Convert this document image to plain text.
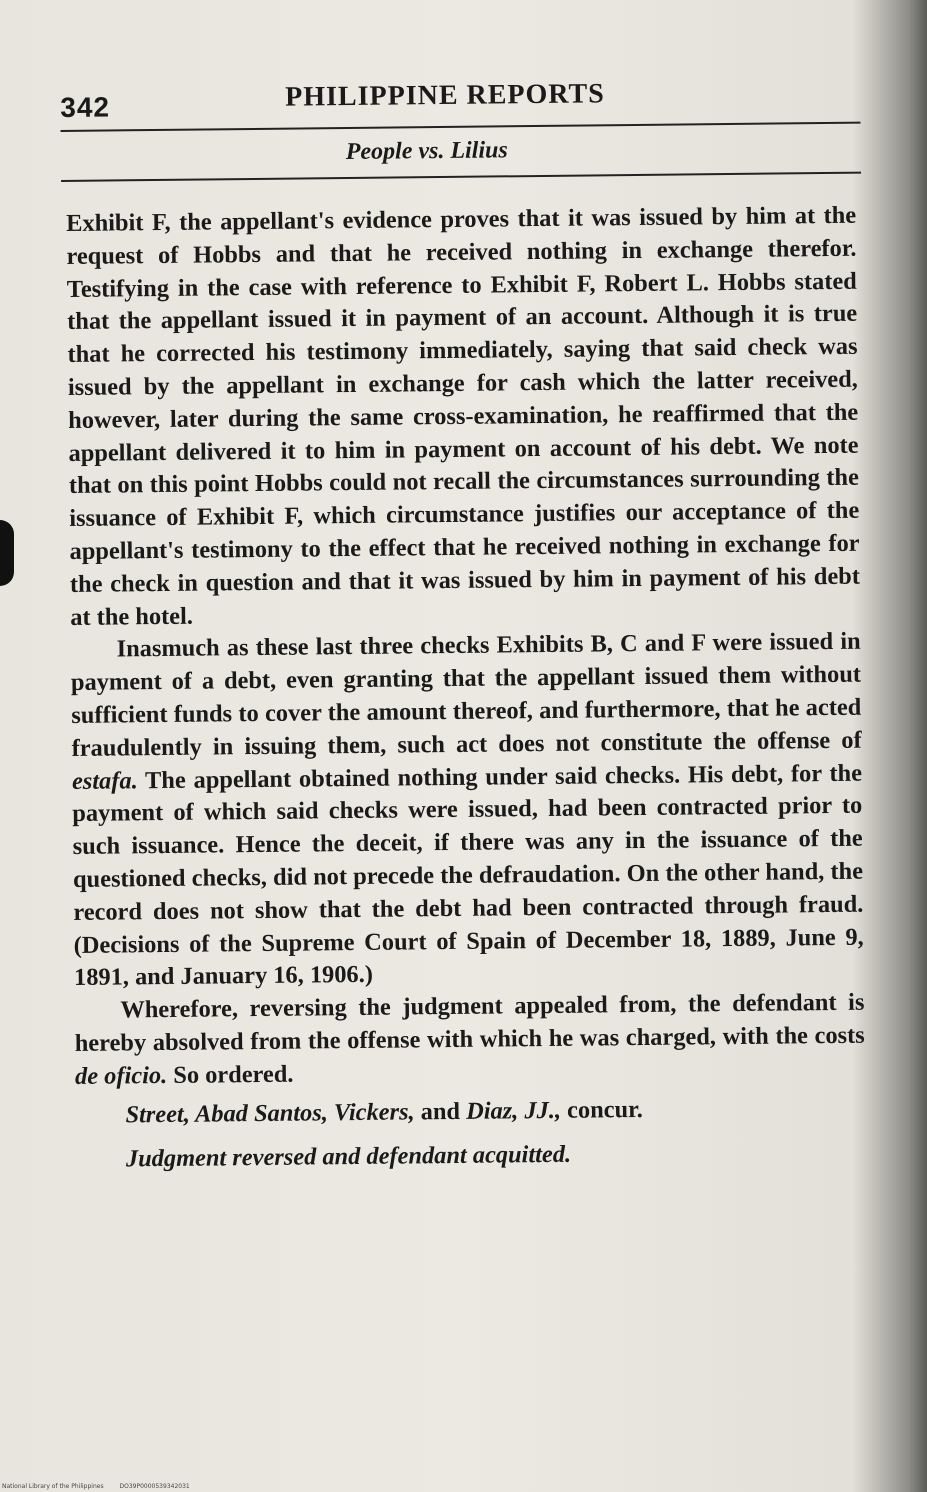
342	PHILIPPINE REPORTS
People vs. Lilius

Exhibit F, the appellant's evidence proves that it was issued by him at the request of Hobbs and that he received nothing in exchange therefor. Testifying in the case with reference to Exhibit F, Robert L. Hobbs stated that the appellant issued it in payment of an account. Although it is true that he corrected his testimony immediately, saying that said check was issued by the appellant in exchange for cash which the latter received, however, later during the same cross-examination, he reaffirmed that the appellant delivered it to him in payment on account of his debt. We note that on this point Hobbs could not recall the circumstances surrounding the issuance of Exhibit F, which circumstance justifies our acceptance of the appellant's testimony to the effect that he received nothing in exchange for the check in question and that it was issued by him in payment of his debt at the hotel.

Inasmuch as these last three checks Exhibits B, C and F were issued in payment of a debt, even granting that the appellant issued them without sufficient funds to cover the amount thereof, and furthermore, that he acted fraudulently in issuing them, such act does not constitute the offense of estafa. The appellant obtained nothing under said checks. His debt, for the payment of which said checks were issued, had been contracted prior to such issuance. Hence the deceit, if there was any in the issuance of the questioned checks, did not precede the defraudation. On the other hand, the record does not show that the debt had been contracted through fraud. (Decisions of the Supreme Court of Spain of December 18, 1889, June 9, 1891, and January 16, 1906.)

Wherefore, reversing the judgment appealed from, the defendant is hereby absolved from the offense with which he was charged, with the costs de oficio. So ordered.

Street, Abad Santos, Vickers, and Diaz, JJ., concur.

Judgment reversed and defendant acquitted.

National Library of the Philippines	DO39P0000539342031
